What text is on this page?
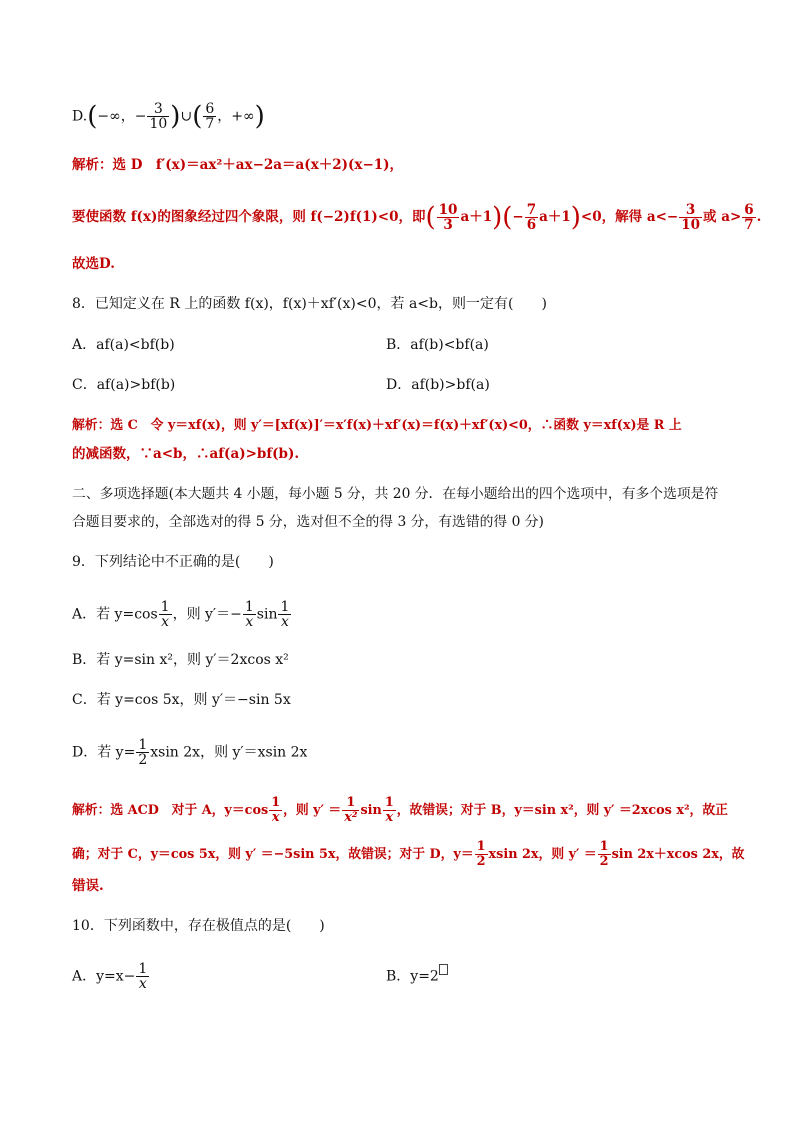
D.(−∞，− $\frac{3}{10}$ )∪( $\frac{6}{7}$ ，+∞)
解析：选 D　f′(x)＝ax²＋ax−2a＝a(x＋2)(x−1)，
要使函数 f(x)的图象经过四个象限，则 f(−2)f(1)<0，即( $\frac{10}{3} a+1)(- \frac{7}{6} a+1)<0$，解得 $a<- \frac{3}{10}$ 或 $a> \frac{6}{7}$ .
故选D.
8．已知定义在 R 上的函数 f(x)，f(x)＋xf′(x)<0，若 a<b，则一定有(　　)
A．af(a)<bf(b)	B．af(b)<bf(a)
C．af(a)>bf(b)	D．af(b)>bf(a)
解析：选 C　令 y＝xf(x)，则 y′＝[xf(x)]′＝x′f(x)＋xf′(x)＝f(x)＋xf′(x)<0，∴函数 y＝xf(x)是 R 上
的减函数，∵a<b，∴af(a)>bf(b).
二、多项选择题(本大题共 4 小题，每小题 5 分，共 20 分．在每小题给出的四个选项中，有多个选项是符
合题目要求的，全部选对的得 5 分，选对但不全的得 3 分，有选错的得 0 分)
9．下列结论中不正确的是(　　)
A．若 $y=\cos \frac{1}{x}$ ，则 $y'=- \frac{1}{x}$ $\sin \frac{1}{x}$
B．若 y=sin x²，则 y′＝2xcos x²
C．若 y=cos 5x，则 y′＝−sin 5x
D．若 $y= \frac{1}{2}$ xsin 2x，则 y′＝xsin 2x
解析：选 ACD　对于 A，$y=\cos \frac{1}{x}$ ，则 $y' = \frac{1}{\text{x²}}$ $\sin \frac{1}{x}$ ，故错误；对于 B，y＝sin x²，则 y′ ＝2xcos x²，故正
确；对于 C，y＝cos 5x，则 y′ ＝−5sin 5x，故错误；对于 D，$y= \frac{1}{2}$ xsin 2x，则 $y' = \frac{1}{2}$ sin 2x＋xcos 2x，故
错误.
10．下列函数中，存在极值点的是(　　)
A．$y=x- \frac{1}{x}$	B．y=2
